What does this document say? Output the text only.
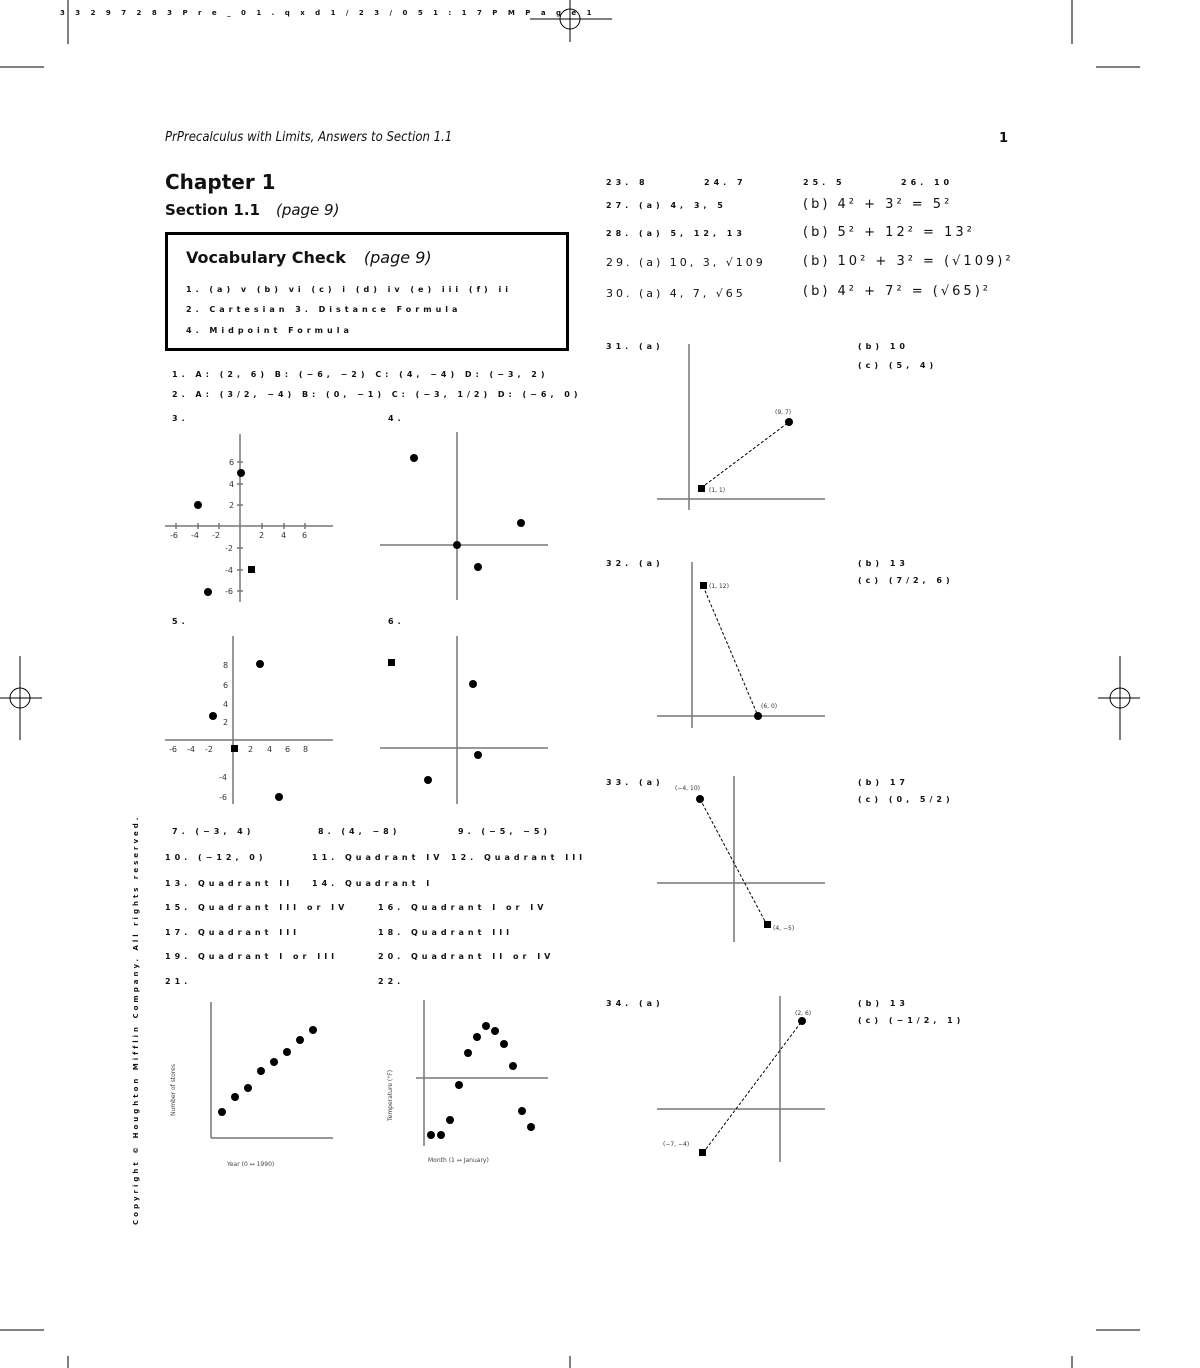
3 3 2 9 7 2 8 3 P r e _ 0 1 . q x d 1 / 2 3 / 0 5 1 : 1 7 P M P a g e 1
PrPrecalculus with Limits, Answers to Section 1.1	1
Chapter 1
Section 1.1 (page 9)
Vocabulary Check (page 9)
1. (a) v (b) vi (c) i (d) iv (e) iii (f) ii
2. Cartesian 3. Distance Formula
4. Midpoint Formula
1. A: (2, 6) B: (−6, −2) C: (4, −4) D: (−3, 2)
2. A: (3/2, −4) B: (0, −1) C: (−3, 1/2) D: (−6, 0)
3.	4.
-6 -4 -2	2 4 6
6
4
2
-2
-4
-6
5.	6.
-6 -4 -2	2 4 6 8
8
6
4
2
-4
-6
7. (−3, 4)	8. (4, −8)	9. (−5, −5)
10. (−12, 0)	11. Quadrant IV 12. Quadrant III
13. Quadrant II 14. Quadrant I
15. Quadrant III or IV	16. Quadrant I or IV
17. Quadrant III	18. Quadrant III
19. Quadrant I or III	20. Quadrant II or IV
21.	22.
Number of stores
Year (0 ↔ 1990)
Temperature (°F)
Month (1 ↔ January)
Copyright © Houghton Mifflin Company. All rights reserved.
23. 8	24. 7	25. 5	26. 10
27. (a) 4, 3, 5	(b) 4² + 3² = 5²
28. (a) 5, 12, 13	(b) 5² + 12² = 13²
29. (a) 10, 3, √109	(b) 10² + 3² = (√109)²
30. (a) 4, 7, √65	(b) 4² + 7² = (√65)²
31. (a)	(b) 10
(c) (5, 4)
(1, 1)
(9, 7)
32. (a)	(b) 13
(c) (7/2, 6)
(1, 12)
(6, 0)
33. (a)	(b) 17
(c) (0, 5/2)
(−4, 10)
(4, −5)
34. (a)	(b) 13
(c) (−1/2, 1)
(−7, −4)
(2, 6)
